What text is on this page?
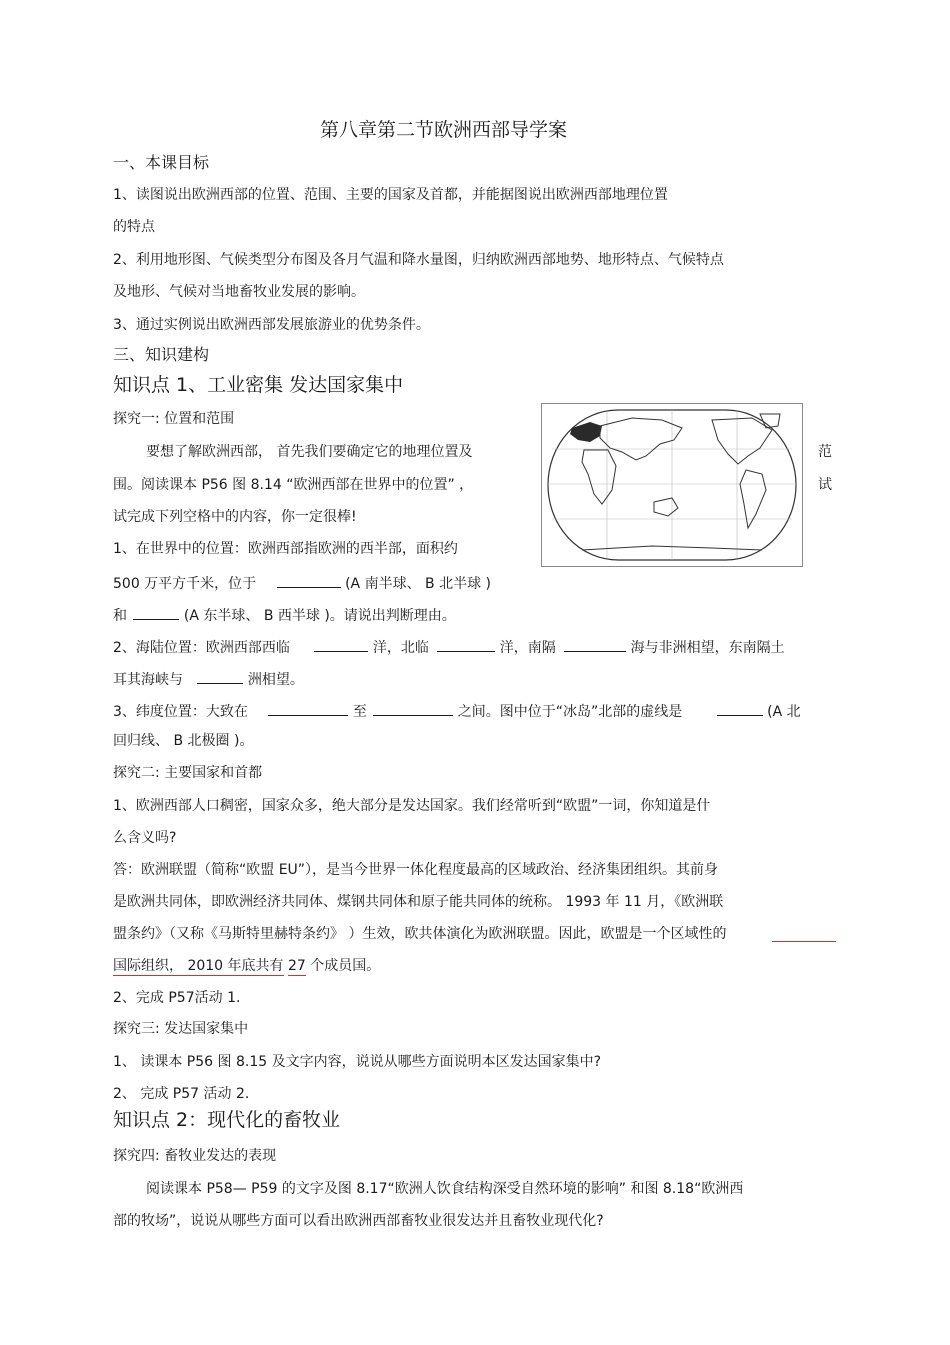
第八章第二节欧洲西部导学案
一、本课目标
1、读图说出欧洲西部的位置、范围、主要的国家及首都，并能据图说出欧洲西部地理位置
的特点
2、利用地形图、气候类型分布图及各月气温和降水量图，归纳欧洲西部地势、地形特点、气候特点
及地形、气候对当地畜牧业发展的影响。
3、通过实例说出欧洲西部发展旅游业的优势条件。
三、知识建构
知识点 1、工业密集 发达国家集中
探究一: 位置和范围
要想了解欧洲西部， 首先我们要确定它的地理位置及	范
围。阅读课本 P56 图 8.14 “欧洲西部在世界中的位置” ，	试
试完成下列空格中的内容，你一定很棒!
1、在世界中的位置：欧洲西部指欧洲的西半部，面积约
500 万平方千米，位于	(A 南半球、 B 北半球 )
和	(A 东半球、 B 西半球 )。请说出判断理由。
2、海陆位置：欧洲西部西临	洋，北临	洋，南隔	海与非洲相望，东南隔土
耳其海峡与	洲相望。
3、纬度位置：大致在	至	之间。图中位于“冰岛”北部的虚线是	(A 北
回归线、 B 北极圈 )。
探究二: 主要国家和首都
1、欧洲西部人口稠密，国家众多，绝大部分是发达国家。我们经常听到“欧盟”一词，你知道是什
么含义吗?
答：欧洲联盟（简称“欧盟 EU”），是当今世界一体化程度最高的区域政治、经济集团组织。其前身
是欧洲共同体，即欧洲经济共同体、煤钢共同体和原子能共同体的统称。 1993 年 11 月，《欧洲联
盟条约》（又称《马斯特里赫特条约》 ）生效，欧共体演化为欧洲联盟。因此，欧盟是一个区域性的
国际组织， 2010 年底共有 27 个成员国。
2、完成 P57活动 1.
探究三: 发达国家集中
1、 读课本 P56 图 8.15 及文字内容，说说从哪些方面说明本区发达国家集中?
2、 完成 P57 活动 2.
知识点 2：现代化的畜牧业
探究四: 畜牧业发达的表现
阅读课本 P58— P59 的文字及图 8.17“欧洲人饮食结构深受自然环境的影响” 和图 8.18“欧洲西
部的牧场”，说说从哪些方面可以看出欧洲西部畜牧业很发达并且畜牧业现代化?
